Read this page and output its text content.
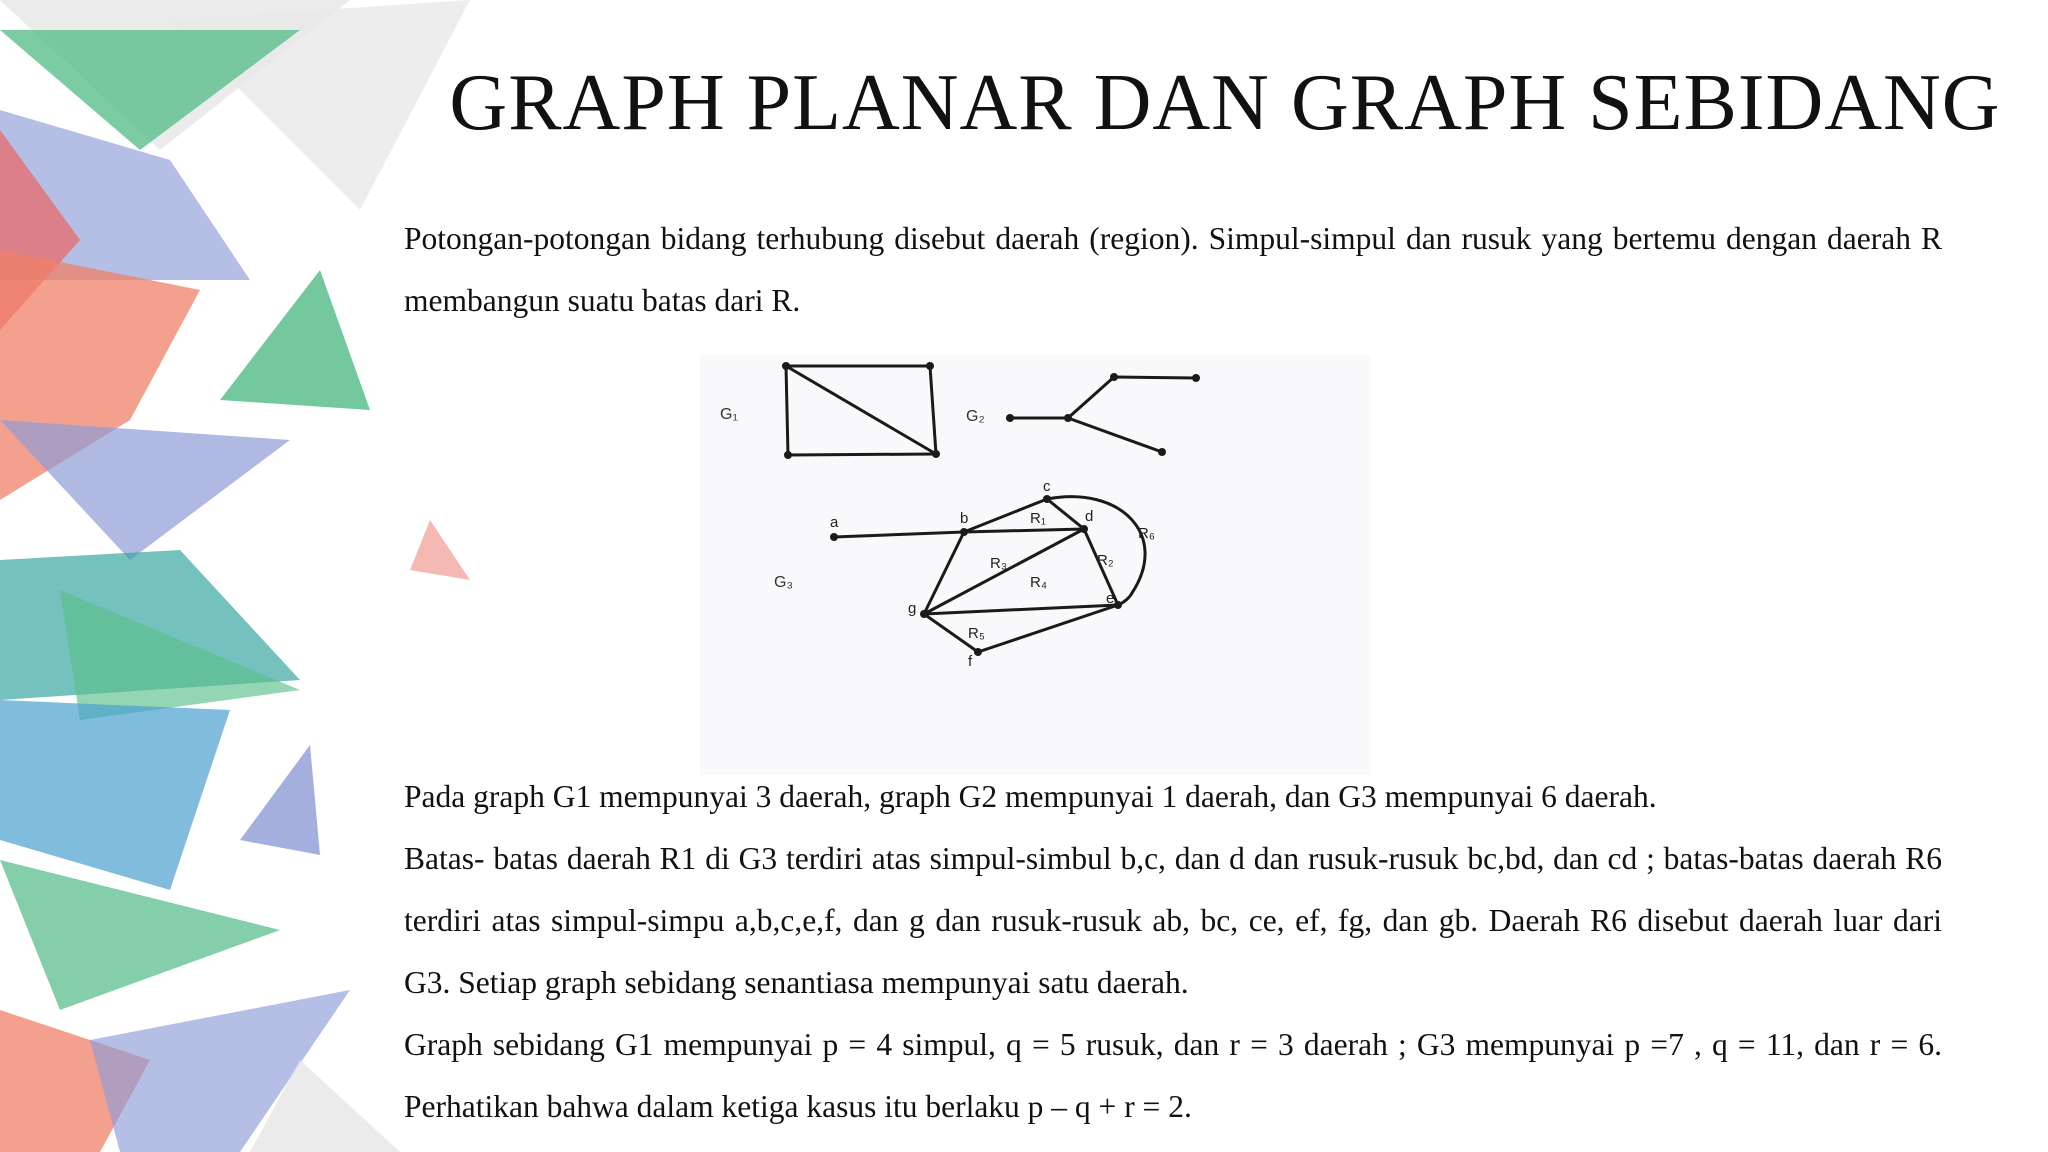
GRAPH PLANAR DAN GRAPH SEBIDANG

Potongan-potongan bidang terhubung disebut daerah (region). Simpul-simpul dan rusuk yang bertemu dengan daerah R membangun suatu batas dari R.

G₁	G₂
a	b
c
d
e
f
g
R₁
R₂
R₃
R₄
R₅
R₆
G₃

Pada graph G1 mempunyai 3 daerah, graph G2 mempunyai 1 daerah, dan G3 mempunyai 6 daerah.

Batas- batas daerah R1 di G3 terdiri atas simpul-simbul b,c, dan d dan rusuk-rusuk bc,bd, dan cd ; batas-batas daerah R6 terdiri atas simpul-simpu a,b,c,e,f, dan g dan rusuk-rusuk ab, bc, ce, ef, fg, dan gb. Daerah R6 disebut daerah luar dari G3. Setiap graph sebidang senantiasa mempunyai satu daerah.

Graph sebidang G1 mempunyai p = 4 simpul, q = 5 rusuk, dan r = 3 daerah ; G3 mempunyai p =7 , q = 11, dan r = 6. Perhatikan bahwa dalam ketiga kasus itu berlaku p – q + r = 2.
